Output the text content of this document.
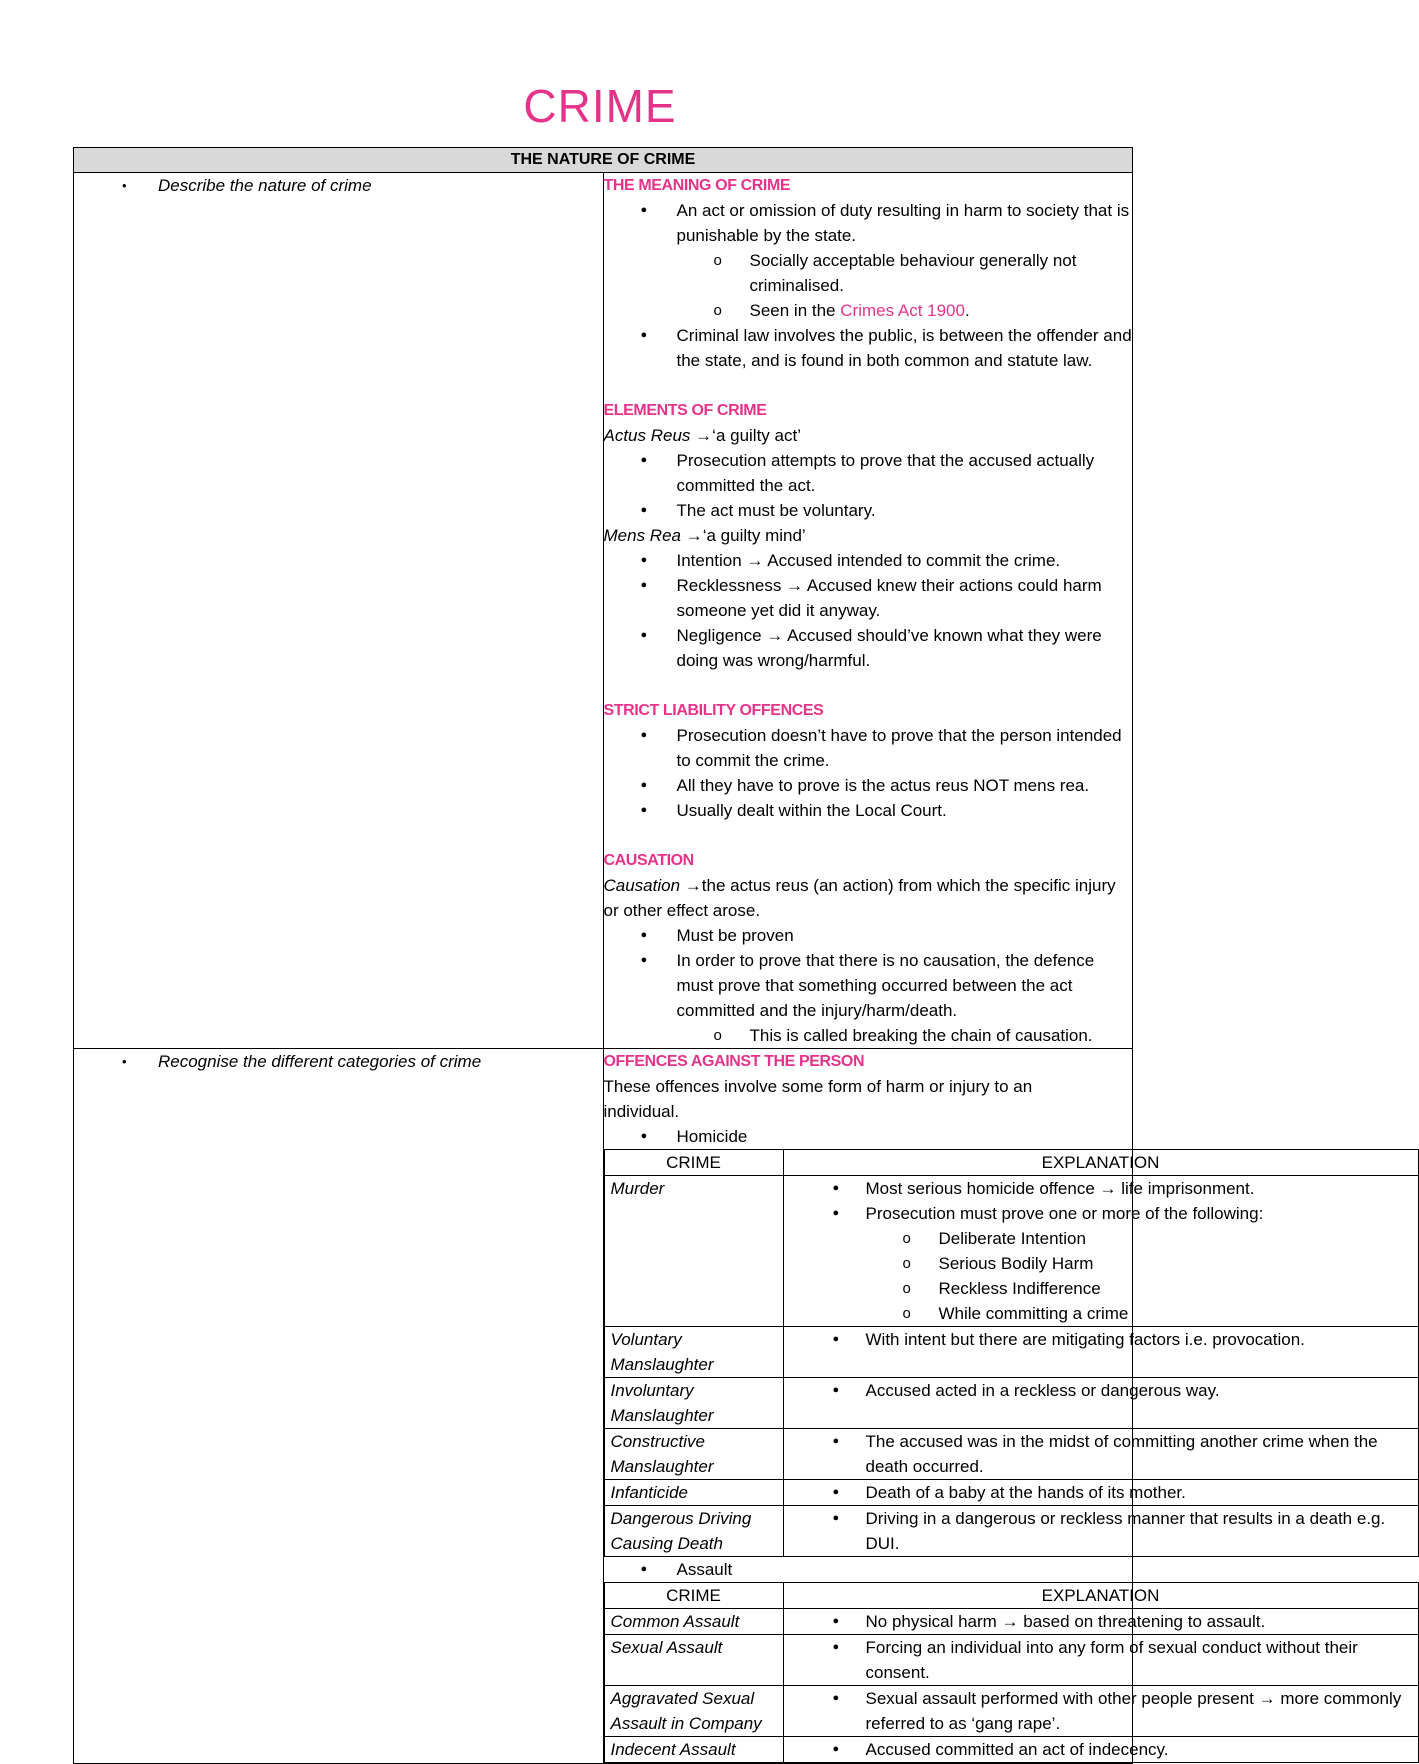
CRIME
THE NATURE OF CRIME

•	Describe the nature of crime	THE MEANING OF CRIME
● An act or omission of duty resulting in harm to society that is punishable by the state.
o Socially acceptable behaviour generally not criminalised.
o Seen in the Crimes Act 1900.
● Criminal law involves the public, is between the offender and the state, and is found in both common and statute law.
ELEMENTS OF CRIME
Actus Reus →‘a guilty act’
● Prosecution attempts to prove that the accused actually committed the act.
● The act must be voluntary.
Mens Rea →‘a guilty mind’
● Intention → Accused intended to commit the crime.
● Recklessness → Accused knew their actions could harm someone yet did it anyway.
● Negligence → Accused should’ve known what they were doing was wrong/harmful.
STRICT LIABILITY OFFENCES
● Prosecution doesn’t have to prove that the person intended to commit the crime.
● All they have to prove is the actus reus NOT mens rea.
● Usually dealt within the Local Court.
CAUSATION
Causation →the actus reus (an action) from which the specific injury or other effect arose.
● Must be proven
● In order to prove that there is no causation, the defence must prove that something occurred between the act committed and the injury/harm/death.
o This is called breaking the chain of causation.

•	Recognise the different categories of crime	OFFENCES AGAINST THE PERSON
These offences involve some form of harm or injury to an individual.
● Homicide
CRIME	EXPLANATION
Murder	
●Most serious homicide offence → life imprisonment.
● Prosecution must prove one or more of the following:
o Deliberate Intention
o Serious Bodily Harm
o Reckless Indifference
o While committing a crime

Voluntary Manslaughter	
● With intent but there are mitigating factors i.e. provocation.

Involuntary Manslaughter	
● Accused acted in a reckless or dangerous way.

Constructive Manslaughter	
● The accused was in the midst of committing another crime when the death occurred.

Infanticide	
●Death of a baby at the hands of its mother.

Dangerous Driving Causing Death	
● Driving in a dangerous or reckless manner that results in a death e.g. DUI.
● Assault
CRIME	EXPLANATION
Common Assault	
●No physical harm → based on threatening to assault.

Sexual Assault	
●Forcing an individual into any form of sexual conduct without their consent.

Aggravated Sexual Assault in Company	
● Sexual assault performed with other people present → more commonly referred to as ‘gang rape’.

Indecent Assault	
●Accused committed an act of indecency.
